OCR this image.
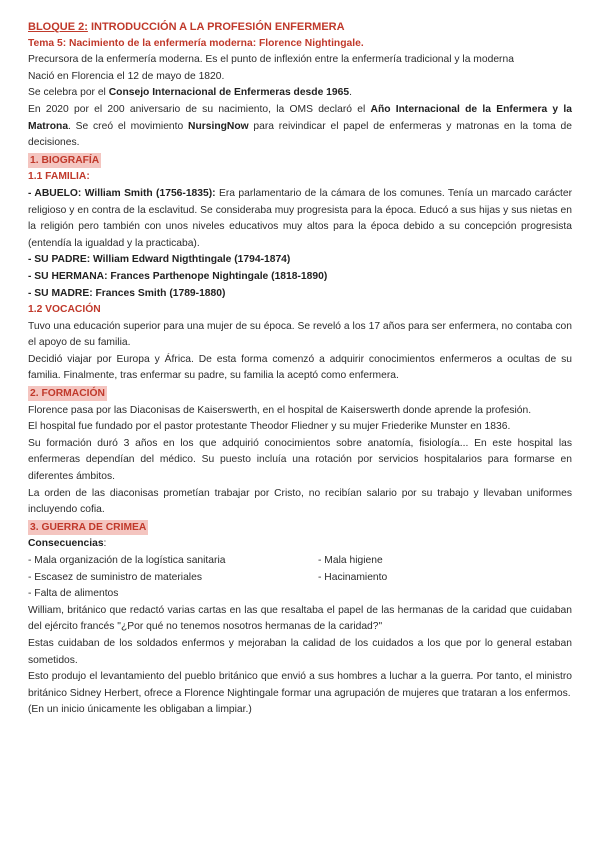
BLOQUE 2: INTRODUCCIÓN A LA PROFESIÓN ENFERMERA

Tema 5: Nacimiento de la enfermería moderna: Florence Nightingale.

Precursora de la enfermería moderna. Es el punto de inflexión entre la enfermería tradicional y la moderna

Nació en Florencia el 12 de mayo de 1820.

Se celebra por el Consejo Internacional de Enfermeras desde 1965.

En 2020 por el 200 aniversario de su nacimiento, la OMS declaró el Año Internacional de la Enfermera y la Matrona. Se creó el movimiento NursingNow para reivindicar el papel de enfermeras y matronas en la toma de decisiones.

1. BIOGRAFÍA

1.1 FAMILIA:

- ABUELO: William Smith (1756-1835): Era parlamentario de la cámara de los comunes. Tenía un marcado carácter religioso y en contra de la esclavitud. Se consideraba muy progresista para la época. Educó a sus hijas y sus nietas en la religión pero también con unos niveles educativos muy altos para la época debido a su concepción progresista (entendía la igualdad y la practicaba).

- SU PADRE: William Edward Nigthtingale (1794-1874)

- SU HERMANA: Frances Parthenope Nightingale (1818-1890)

- SU MADRE: Frances Smith (1789-1880)

1.2 VOCACIÓN

Tuvo una educación superior para una mujer de su época. Se reveló a los 17 años para ser enfermera, no contaba con el apoyo de su familia.

Decidió viajar por Europa y África. De esta forma comenzó a adquirir conocimientos enfermeros a ocultas de su familia. Finalmente, tras enfermar su padre, su familia la aceptó como enfermera.

2. FORMACIÓN

Florence pasa por las Diaconisas de Kaiserswerth, en el hospital de Kaiserswerth donde aprende la profesión.

El hospital fue fundado por el pastor protestante Theodor Fliedner y su mujer Friederike Munster en 1836.

Su formación duró 3 años en los que adquirió conocimientos sobre anatomía, fisiología... En este hospital las enfermeras dependían del médico. Su puesto incluía una rotación por servicios hospitalarios para formarse en diferentes ámbitos.

La orden de las diaconisas prometían trabajar por Cristo, no recibían salario por su trabajo y llevaban uniformes incluyendo cofia.

3. GUERRA DE CRIMEA

Consecuencias:

- Mala organización de la logística sanitaria

- Escasez de suministro de materiales

- Falta de alimentos

- Mala higiene

- Hacinamiento

William, británico que redactó varias cartas en las que resaltaba el papel de las hermanas de la caridad que cuidaban del ejército francés "¿Por qué no tenemos nosotros hermanas de la caridad?"

Estas cuidaban de los soldados enfermos y mejoraban la calidad de los cuidados a los que por lo general estaban sometidos.

Esto produjo el levantamiento del pueblo británico que envió a sus hombres a luchar a la guerra. Por tanto, el ministro británico Sidney Herbert, ofrece a Florence Nightingale formar una agrupación de mujeres que trataran a los enfermos.

(En un inicio únicamente les obligaban a limpiar.)
